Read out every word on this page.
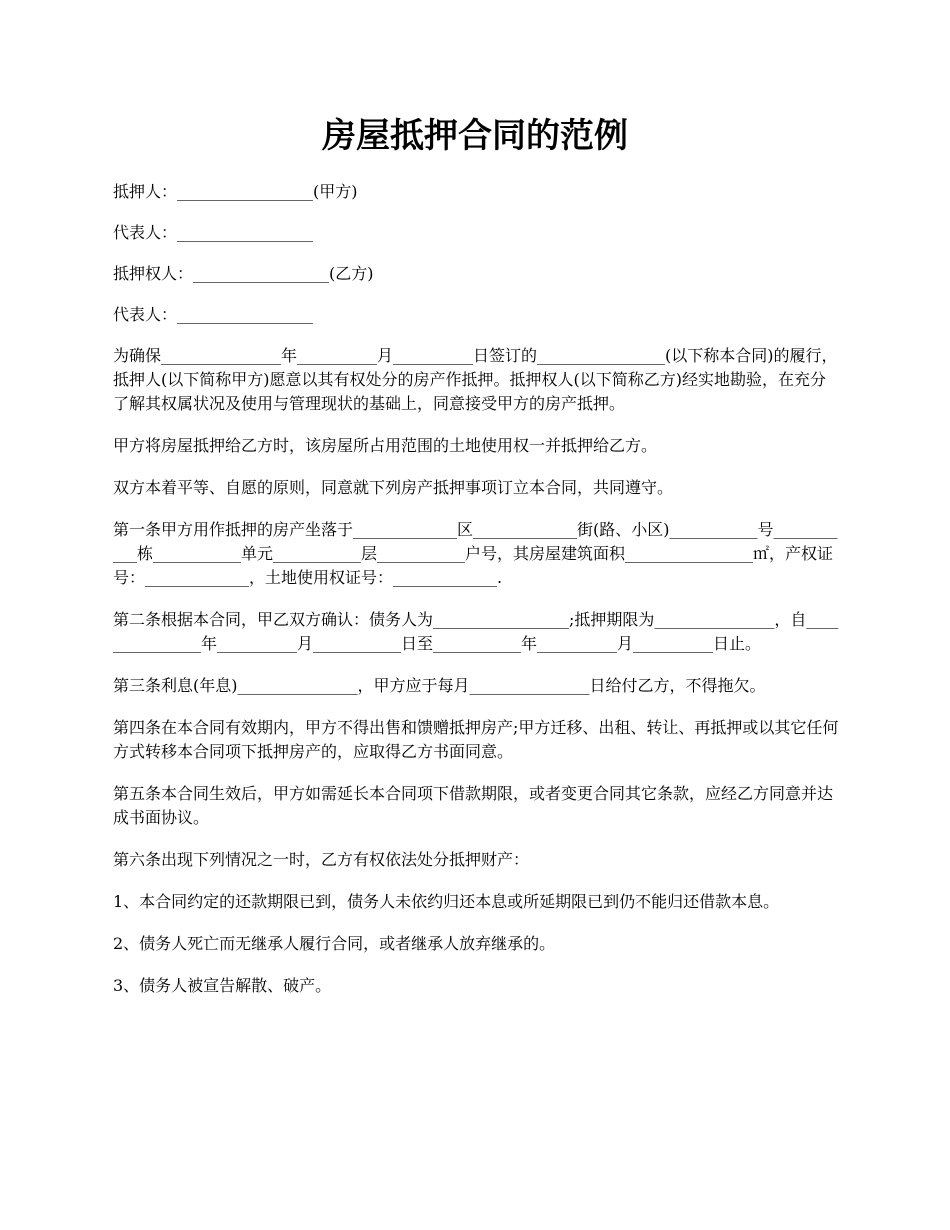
房屋抵押合同的范例

抵押人：_________________(甲方)

代表人：_________________

抵押权人：_________________(乙方)

代表人：_________________

为确保_______________年__________月__________日签订的________________(以下称本合同)的履行，抵押人(以下简称甲方)愿意以其有权处分的房产作抵押。抵押权人(以下简称乙方)经实地勘验，在充分了解其权属状况及使用与管理现状的基础上，同意接受甲方的房产抵押。

甲方将房屋抵押给乙方时，该房屋所占用范围的土地使用权一并抵押给乙方。

双方本着平等、自愿的原则，同意就下列房产抵押事项订立本合同，共同遵守。

第一条甲方用作抵押的房产坐落于_____________区_____________街(路、小区)___________号___________栋___________单元___________层___________户号，其房屋建筑面积________________㎡，产权证号：_____________，土地使用权证号：_____________.

第二条根据本合同，甲乙双方确认：债务人为_________________;抵押期限为_______________，自_______________年__________月___________日至___________年__________月__________日止。

第三条利息(年息)_______________，甲方应于每月_______________日给付乙方，不得拖欠。

第四条在本合同有效期内，甲方不得出售和馈赠抵押房产;甲方迁移、出租、转让、再抵押或以其它任何方式转移本合同项下抵押房产的，应取得乙方书面同意。

第五条本合同生效后，甲方如需延长本合同项下借款期限，或者变更合同其它条款，应经乙方同意并达成书面协议。

第六条出现下列情况之一时，乙方有权依法处分抵押财产：

1、本合同约定的还款期限已到，债务人未依约归还本息或所延期限已到仍不能归还借款本息。

2、债务人死亡而无继承人履行合同，或者继承人放弃继承的。

3、债务人被宣告解散、破产。
